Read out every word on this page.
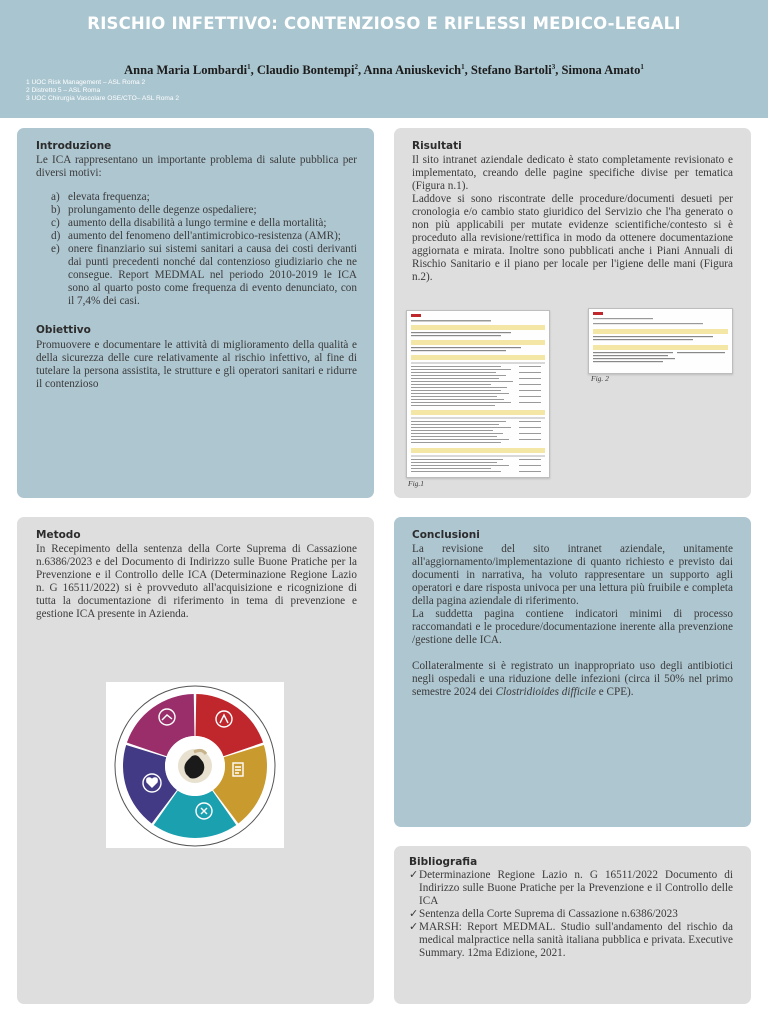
RISCHIO INFETTIVO: CONTENZIOSO E RIFLESSI MEDICO-LEGALI
Anna Maria Lombardi$^1$, Claudio Bontempi$^2$, Anna Aniuskevich$^1$, Stefano Bartoli$^3$, Simona Amato$^1$
1 UOC Risk Management – ASL Roma 2
2 Distretto 5 – ASL Roma
3 UOC Chirurgia Vascolare OSE/CTO– ASL Roma 2

Introduzione

Le ICA rappresentano un importante problema di salute pubblica per diversi motivi:

a) elevata frequenza;
b) prolungamento delle degenze ospedaliere;
c) aumento della disabilità a lungo termine e della mortalità;
d) aumento del fenomeno dell'antimicrobico-resistenza (AMR);
e) onere finanziario sui sistemi sanitari a causa dei costi derivanti dai punti precedenti nonché dal contenzioso giudiziario che ne consegue. Report MEDMAL nel periodo 2010-2019 le ICA sono al quarto posto come frequenza di evento denunciato, con il 7,4% dei casi.

Obiettivo

Promuovere e documentare le attività di miglioramento della qualità e della sicurezza delle cure relativamente al rischio infettivo, al fine di tutelare la persona assistita, le strutture e gli operatori sanitari e ridurre il contenzioso

Risultati

Il sito intranet aziendale dedicato è stato completamente revisionato e implementato, creando delle pagine specifiche divise per tematica (Figura n.1).
Laddove si sono riscontrate delle procedure/documenti desueti per cronologia e/o cambio stato giuridico del Servizio che l'ha generato o non più applicabili per mutate evidenze scientifiche/contesto si è proceduto alla revisione/rettifica in modo da ottenere documentazione aggiornata e mirata. Inoltre sono pubblicati anche i Piani Annuali di Rischio Sanitario e il piano per locale per l'igiene delle mani (Figura n.2).

Fig.1
Fig. 2

Metodo

In Recepimento della sentenza della Corte Suprema di Cassazione n.6386/2023 e del Documento di Indirizzo sulle Buone Pratiche per la Prevenzione e il Controllo delle ICA (Determinazione Regione Lazio n. G 16511/2022) si è provveduto all'acquisizione e ricognizione di tutta la documentazione di riferimento in tema di prevenzione e gestione ICA presente in Azienda.

Conclusioni

La revisione del sito intranet aziendale, unitamente all'aggiornamento/implementazione di quanto richiesto e previsto dai documenti in narrativa, ha voluto rappresentare un supporto agli operatori e dare risposta univoca per una lettura più fruibile e completa della pagina aziendale di riferimento.
La suddetta pagina contiene indicatori minimi di processo raccomandati e le procedure/documentazione inerente alla prevenzione /gestione delle ICA.

Collateralmente si è registrato un inappropriato uso degli antibiotici negli ospedali e una riduzione delle infezioni (circa il 50% nel primo semestre 2024 dei Clostridioides difficile e CPE).

Bibliografia

✓ Determinazione Regione Lazio n. G 16511/2022 Documento di Indirizzo sulle Buone Pratiche per la Prevenzione e il Controllo delle ICA
✓ Sentenza della Corte Suprema di Cassazione n.6386/2023
✓ MARSH: Report MEDMAL. Studio sull'andamento del rischio da medical malpractice nella sanità italiana pubblica e privata. Executive Summary. 12ma Edizione, 2021.
